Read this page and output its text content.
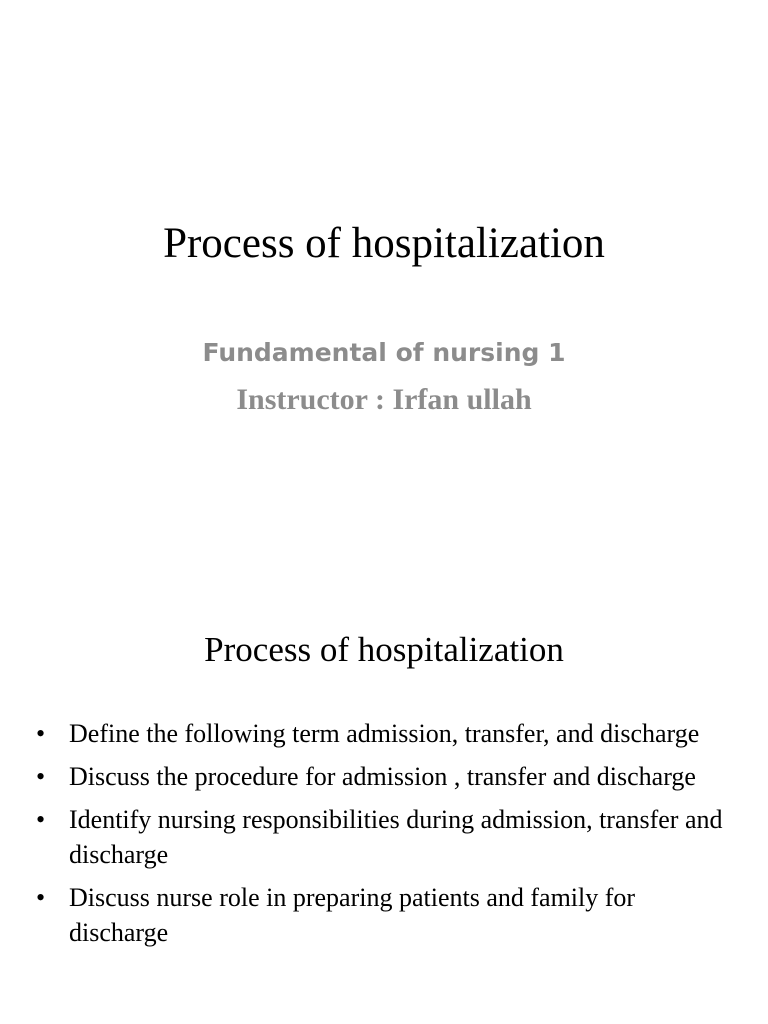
Process of hospitalization
Fundamental of nursing 1
Instructor : Irfan ullah
Process of hospitalization
• Define the following term admission, transfer, and discharge
• Discuss the procedure for admission , transfer and discharge
• Identify nursing responsibilities during admission, transfer and discharge
• Discuss nurse role in preparing patients and family for discharge
